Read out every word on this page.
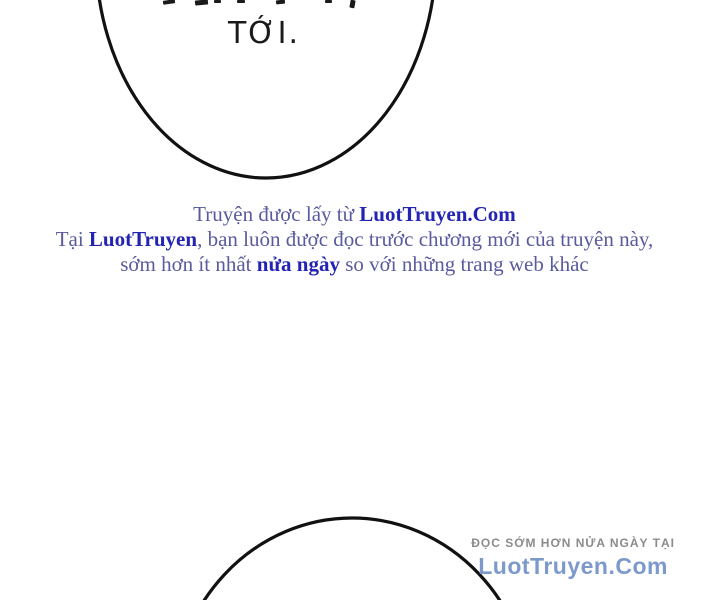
TỚI.
Truyện được lấy từ LuotTruyen.Com
Tại LuotTruyen, bạn luôn được đọc trước chương mới của truyện này,
sớm hơn ít nhất nửa ngày so với những trang web khác
ĐỌC SỚM HƠN NỬA NGÀY TẠI
LuotTruyen.Com
